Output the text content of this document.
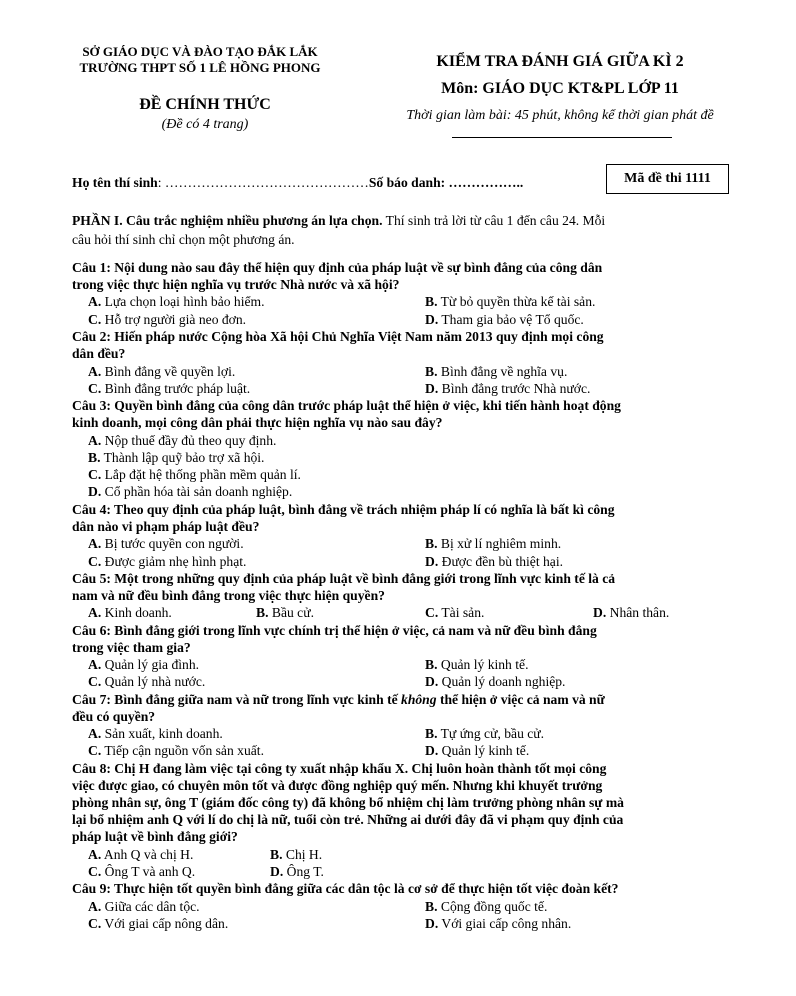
SỞ GIÁO DỤC VÀ ĐÀO TẠO ĐẮK LẮK
TRƯỜNG THPT SỐ 1 LÊ HỒNG PHONG
ĐỀ CHÍNH THỨC
(Đề có 4 trang)
KIỂM TRA ĐÁNH GIÁ GIỮA KÌ 2
Môn: GIÁO DỤC KT&PL LỚP 11
Thời gian làm bài: 45 phút, không kể thời gian phát đề
Họ tên thí sinh: ………………………………………Số báo danh: ……………..	Mã đề thi 1111
PHẦN I. Câu trắc nghiệm nhiều phương án lựa chọn. Thí sinh trả lời từ câu 1 đến câu 24. Mỗi
câu hỏi thí sinh chỉ chọn một phương án.
Câu 1: Nội dung nào sau đây thể hiện quy định của pháp luật về sự bình đẳng của công dân
trong việc thực hiện nghĩa vụ trước Nhà nước và xã hội?
A. Lựa chọn loại hình bảo hiểm.	B. Từ bỏ quyền thừa kế tài sản.
C. Hỗ trợ người già neo đơn.	D. Tham gia bảo vệ Tổ quốc.
Câu 2: Hiến pháp nước Cộng hòa Xã hội Chủ Nghĩa Việt Nam năm 2013 quy định mọi công
dân đều?
A. Bình đẳng về quyền lợi.	B. Bình đẳng về nghĩa vụ.
C. Bình đẳng trước pháp luật.	D. Bình đẳng trước Nhà nước.
Câu 3: Quyền bình đẳng của công dân trước pháp luật thể hiện ở việc, khi tiến hành hoạt động
kinh doanh, mọi công dân phải thực hiện nghĩa vụ nào sau đây?
A. Nộp thuế đầy đủ theo quy định.
B. Thành lập quỹ bảo trợ xã hội.
C. Lắp đặt hệ thống phần mềm quản lí.
D. Cổ phần hóa tài sản doanh nghiệp.
Câu 4: Theo quy định của pháp luật, bình đẳng về trách nhiệm pháp lí có nghĩa là bất kì công
dân nào vi phạm pháp luật đều?
A. Bị tước quyền con người.	B. Bị xử lí nghiêm minh.
C. Được giảm nhẹ hình phạt.	D. Được đền bù thiệt hại.
Câu 5: Một trong những quy định của pháp luật về bình đẳng giới trong lĩnh vực kinh tế là cả
nam và nữ đều bình đẳng trong việc thực hiện quyền?
A. Kinh doanh.	B. Bầu cử.	C. Tài sản.	D. Nhân thân.
Câu 6: Bình đẳng giới trong lĩnh vực chính trị thể hiện ở việc, cả nam và nữ đều bình đẳng
trong việc tham gia?
A. Quản lý gia đình.	B. Quản lý kinh tế.
C. Quản lý nhà nước.	D. Quản lý doanh nghiệp.
Câu 7: Bình đẳng giữa nam và nữ trong lĩnh vực kinh tế không thể hiện ở việc cả nam và nữ
đều có quyền?
A. Sản xuất, kinh doanh.	B. Tự ứng cử, bầu cử.
C. Tiếp cận nguồn vốn sản xuất.	D. Quản lý kinh tế.
Câu 8: Chị H đang làm việc tại công ty xuất nhập khẩu X. Chị luôn hoàn thành tốt mọi công
việc được giao, có chuyên môn tốt và được đồng nghiệp quý mến. Nhưng khi khuyết trưởng
phòng nhân sự, ông T (giám đốc công ty) đã không bổ nhiệm chị làm trưởng phòng nhân sự mà
lại bổ nhiệm anh Q với lí do chị là nữ, tuổi còn trẻ. Những ai dưới đây đã vi phạm quy định của
pháp luật về bình đẳng giới?
A. Anh Q và chị H.	B. Chị H.
C. Ông T và anh Q.	D. Ông T.
Câu 9: Thực hiện tốt quyền bình đẳng giữa các dân tộc là cơ sở để thực hiện tốt việc đoàn kết?
A. Giữa các dân tộc.	B. Cộng đồng quốc tế.
C. Với giai cấp nông dân.	D. Với giai cấp công nhân.
